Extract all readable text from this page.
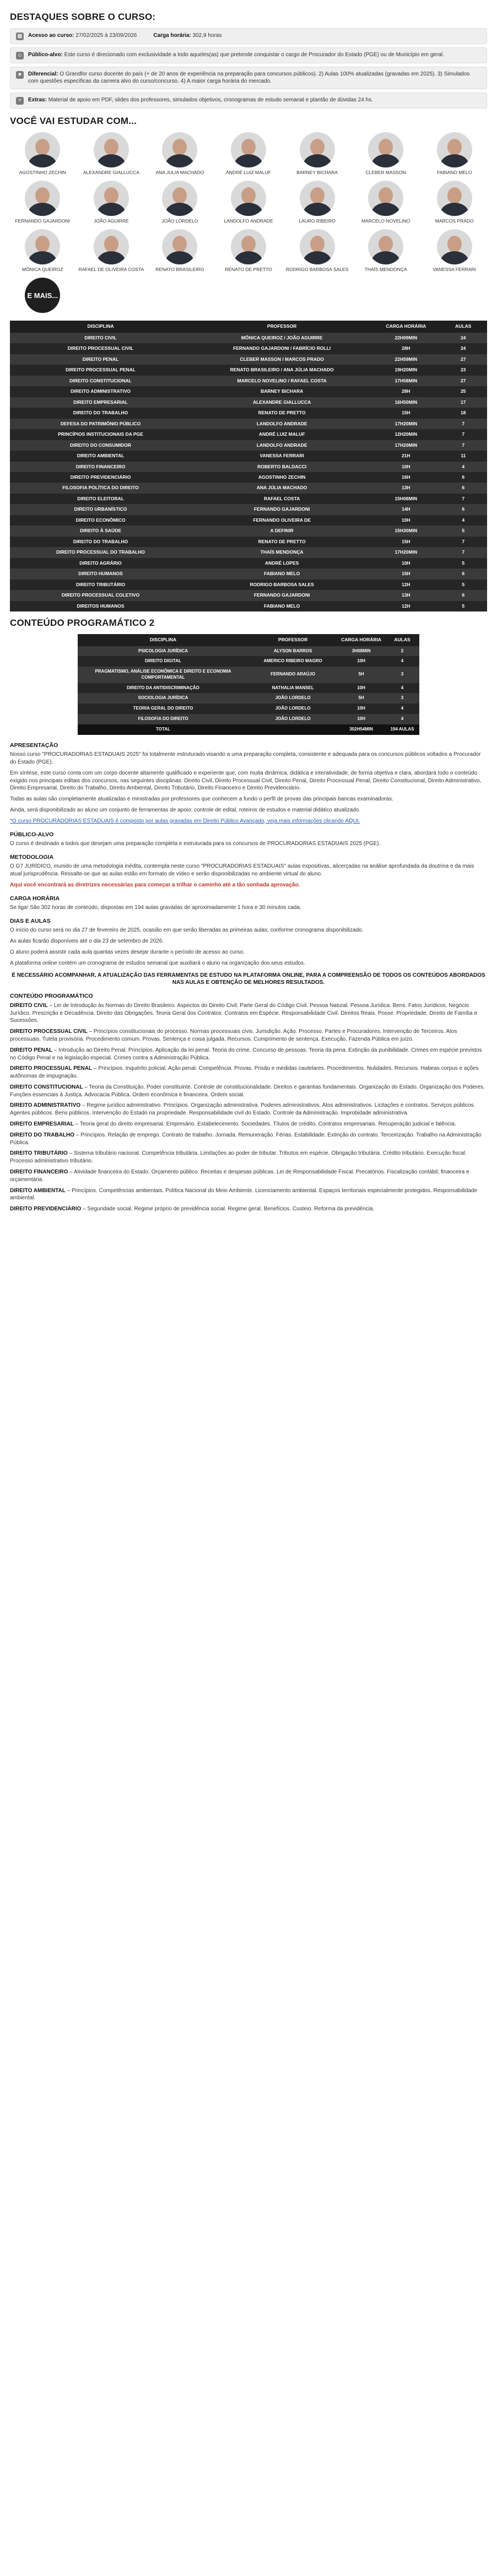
DESTAQUES SOBRE O CURSO:
▦ Acesso ao curso: 27/02/2025 à 23/09/2026	Carga horária: 302,9 horas
☺ Público-alvo: Este curso é direcionado com exclusividade a todo aqueles(as) que pretende conquistar o cargo de Procurador do Estado (PGE) ou de Município em geral.
★ Diferencial: O Grandfor curso docente do país (+ de 20 anos de experiência na preparação para concursos públicos). 2) Aulas 100% atualizadas (gravadas em 2025). 3) Simulados com questões específicas da carreira alvo do curso/concurso. 4) A maior carga horária do mercado.
+	Extras: Material de apoio em PDF, slides dos professores, simulados objetivos, cronogramas de estudo semanal e plantão de dúvidas 24 hs.
VOCÊ VAI ESTUDAR COM...
AGOSTINHO ZECHIN	ALEXANDRE GIALLUCCA	ANA JULIA MACHADO	ANDRÉ LUIZ MALUF	BARNEY BICHARA	CLEBER MASSON	FABIANO MELO
FERNANDO GAJARDONI	JOÃO AGUIRRE	JOÃO LORDELO	LANDOLFO ANDRADE	LAURO RIBEIRO	MARCELO NOVELINO	MARCOS PRADO
MÔNICA QUEIROZ	RAFAEL DE OLIVEIRA COSTA	RENATO BRASILEIRO	RENATO DE PRETTO	RODRIGO BARBOSA SALES	THAÍS MENDONÇA	VANESSA FERRARI
E MAIS...
DISCIPLINA	PROFESSOR	CARGA HORÁRIA	AULAS
DIREITO CIVIL	MÔNICA QUEIROZ / JOÃO AGUIRRE	22H09MIN	24
DIREITO PROCESSUAL CIVIL	FERNANDO GAJARDONI / FABRÍCIO ROLLI	28H	24
DIREITO PENAL	CLEBER MASSON / MARCOS PRADO	22H59MIN	27
DIREITO PROCESSUAL PENAL	RENATO BRASILEIRO / ANA JÚLIA MACHADO	19H20MIN	23
DIREITO CONSTITUCIONAL	MARCELO NOVELINO / RAFAEL COSTA	17H58MIN	27
DIREITO ADMINISTRATIVO	BARNEY BICHARA	28H	25
DIREITO EMPRESARIAL	ALEXANDRE GIALLUCCA	16H50MIN	17
DIREITO DO TRABALHO	RENATO DE PRETTO	15H	18
DEFESA DO PATRIMÔNIO PÚBLICO	LANDOLFO ANDRADE	17H20MIN	7
PRINCÍPIOS INSTITUCIONAIS DA PGE	ANDRÉ LUIZ MALUF	12H20MIN	7
DIREITO DO CONSUMIDOR	LANDOLFO ANDRADE	17H20MIN	7
DIREITO AMBIENTAL	VANESSA FERRARI	21H	11
DIREITO FINANCEIRO	ROBERTO BALDACCI	10H	4
DIREITO PREVIDENCIÁRIO	AGOSTINHO ZECHIN	16H	6
FILOSOFIA POLÍTICA DO DIREITO	ANA JÚLIA MACHADO	13H	6
DIREITO ELEITORAL	RAFAEL COSTA	15H08MIN	7
DIREITO URBANÍSTICO	FERNANDO GAJARDONI	14H	6
DIREITO ECONÔMICO	FERNANDO OLIVEIRA DE	10H	4
DIREITO À SAÚDE	A DEFINIR	15H30MIN	5
DIREITO DO TRABALHO	RENATO DE PRETTO	15H	7
DIREITO PROCESSUAL DO TRABALHO	THAÍS MENDONÇA	17H20MIN	7
DIREITO AGRÁRIO	ANDRÉ LOPES	10H	5
DIREITO HUMANOS	FABIANO MELO	15H	6
DIREITO TRIBUTÁRIO	RODRIGO BARBOSA SALES	12H	5
DIREITO PROCESSUAL COLETIVO	FERNANDO GAJARDONI	13H	6
DIREITOS HUMANOS	FABIANO MELO	12H	5
CONTEÚDO PROGRAMÁTICO 2
DISCIPLINA	PROFESSOR	CARGA HORÁRIA	AULAS
PSICOLOGIA JURÍDICA	ALYSON BARROS	3H08MIN	2
DIREITO DIGITAL	AMERICO RIBEIRO MAGRO	10H	4
PRAGMATISMO, ANÁLISE ECONÔMICA E DIREITO E ECONOMIA COMPORTAMENTAL	FERNANDO ARAÚJO	5H	3
DIREITO DA ANTIDISCRIMINAÇÃO	NATHALIA MANSEL	10H	4
SOCIOLOGIA JURÍDICA	JOÃO LORDELO	5H	3
TEORIA GERAL DO DIREITO	JOÃO LORDELO	10H	4
FILOSOFIA DO DIREITO	JOÃO LORDELO	10H	4
TOTAL		302H54MIN	194 AULAS
APRESENTAÇÃO

Nosso curso "PROCURADORIAS ESTADUAIS 2025" foi totalmente estruturado visando a uma preparação completa, consistente e adequada para os concursos públicos voltados a Procurador do Estado (PGE).

Em síntese, este curso conta com um corpo docente altamente qualificado e experiente que, com muita dinâmica, didática e interatividade, de forma objetiva e clara, abordará todo o conteúdo exigido nos principais editais dos concursos, nas seguintes disciplinas: Direito Civil, Direito Processual Civil, Direito Penal, Direito Processual Penal, Direito Constitucional, Direito Administrativo, Direito Empresarial, Direito do Trabalho, Direito Ambiental, Direito Tributário, Direito Financeiro e Direito Previdenciário.

Todas as aulas são completamente atualizadas e ministradas por professores que conhecem a fundo o perfil de provas das principais bancas examinadoras.

Ainda, será disponibilizado ao aluno um conjunto de ferramentas de apoio: controle de edital, roteiros de estudos e material didático atualizado.

*O curso PROCURADORIAS ESTADUAIS é composto por aulas gravadas em Direito Público Avançado, veja mais informações clicando AQUI.

PÚBLICO-ALVO

O curso é destinado a todos que desejam uma preparação completa e estruturada para os concursos de PROCURADORIAS ESTADUAIS 2025 (PGE).

METODOLOGIA

O G7 JURÍDICO, munido de uma metodologia inédita, contempla neste curso "PROCURADORIAS ESTADUAIS" aulas expositivas, alicerçadas na análise aprofundada da doutrina e da mais atual jurisprudência. Ressalte-se que as aulas estão em formato de vídeo e serão disponibilizadas no ambiente virtual do aluno.

Aqui você encontrará as diretrizes necessárias para começar a trilhar o caminho até a tão sonhada aprovação.

CARGA HORÁRIA

Se liga! São 302 horas de conteúdo, dispostas em 194 aulas gravadas de aproximadamente 1 hora e 30 minutos cada.

DIAS E AULAS

O início do curso será no dia 27 de fevereiro de 2025, ocasião em que serão liberadas as primeiras aulas, conforme cronograma disponibilizado.

As aulas ficarão disponíveis até o dia 23 de setembro de 2026.

O aluno poderá assistir cada aula quantas vezes desejar durante o período de acesso ao curso.

A plataforma online contém um cronograma de estudos semanal que auxiliará o aluno na organização dos seus estudos.

É NECESSÁRIO ACOMPANHAR, A ATUALIZAÇÃO DAS FERRAMENTAS DE ESTUDO NA PLATAFORMA ONLINE, PARA A COMPREENSÃO DE TODOS OS CONTEÚDOS ABORDADOS NAS AULAS E OBTENÇÃO DE MELHORES RESULTADOS.

CONTEÚDO PROGRAMÁTICO

DIREITO CIVIL – Lei de Introdução às Normas do Direito Brasileiro. Aspectos do Direito Civil. Parte Geral do Código Civil. Pessoa Natural. Pessoa Jurídica. Bens. Fatos Jurídicos. Negócio Jurídico. Prescrição e Decadência. Direito das Obrigações. Teoria Geral dos Contratos. Contratos em Espécie. Responsabilidade Civil. Direitos Reais. Posse. Propriedade. Direito de Família e Sucessões.

DIREITO PROCESSUAL CIVIL – Princípios constitucionais do processo. Normas processuais civis. Jurisdição. Ação. Processo. Partes e Procuradores. Intervenção de Terceiros. Atos processuais. Tutela provisória. Procedimento comum. Provas. Sentença e coisa julgada. Recursos. Cumprimento de sentença. Execução. Fazenda Pública em juízo.

DIREITO PENAL – Introdução ao Direito Penal. Princípios. Aplicação da lei penal. Teoria do crime. Concurso de pessoas. Teoria da pena. Extinção da punibilidade. Crimes em espécie previstos no Código Penal e na legislação especial. Crimes contra a Administração Pública.

DIREITO PROCESSUAL PENAL – Princípios. Inquérito policial. Ação penal. Competência. Provas. Prisão e medidas cautelares. Procedimentos. Nulidades. Recursos. Habeas corpus e ações autônomas de impugnação.

DIREITO CONSTITUCIONAL – Teoria da Constituição. Poder constituinte. Controle de constitucionalidade. Direitos e garantias fundamentais. Organização do Estado. Organização dos Poderes. Funções essenciais à Justiça. Advocacia Pública. Ordem econômica e financeira. Ordem social.

DIREITO ADMINISTRATIVO – Regime jurídico administrativo. Princípios. Organização administrativa. Poderes administrativos. Atos administrativos. Licitações e contratos. Serviços públicos. Agentes públicos. Bens públicos. Intervenção do Estado na propriedade. Responsabilidade civil do Estado. Controle da Administração. Improbidade administrativa.

DIREITO EMPRESARIAL – Teoria geral do direito empresarial. Empresário. Estabelecimento. Sociedades. Títulos de crédito. Contratos empresariais. Recuperação judicial e falência.

DIREITO DO TRABALHO – Princípios. Relação de emprego. Contrato de trabalho. Jornada. Remuneração. Férias. Estabilidade. Extinção do contrato. Terceirização. Trabalho na Administração Pública.

DIREITO TRIBUTÁRIO – Sistema tributário nacional. Competência tributária. Limitações ao poder de tributar. Tributos em espécie. Obrigação tributária. Crédito tributário. Execução fiscal. Processo administrativo tributário.

DIREITO FINANCEIRO – Atividade financeira do Estado. Orçamento público. Receitas e despesas públicas. Lei de Responsabilidade Fiscal. Precatórios. Fiscalização contábil, financeira e orçamentária.

DIREITO AMBIENTAL – Princípios. Competências ambientais. Política Nacional do Meio Ambiente. Licenciamento ambiental. Espaços territoriais especialmente protegidos. Responsabilidade ambiental.

DIREITO PREVIDENCIÁRIO – Seguridade social. Regime próprio de previdência social. Regime geral. Benefícios. Custeio. Reforma da previdência.
